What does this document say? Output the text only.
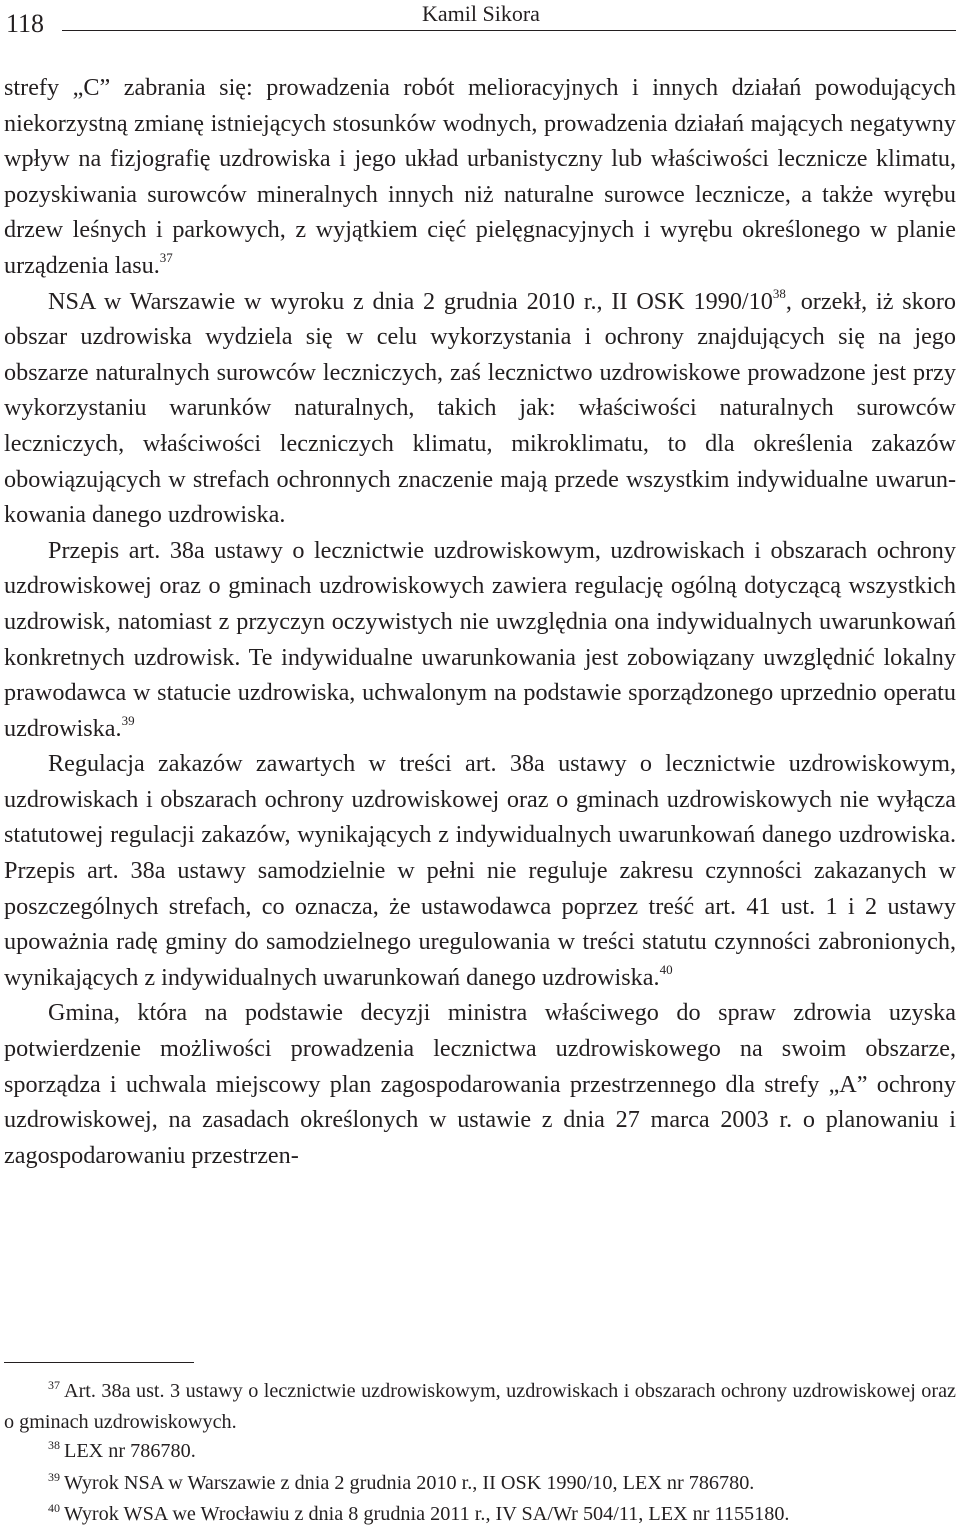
118	Kamil Sikora

strefy „C” zabrania się: prowadzenia robót melioracyjnych i innych działań powodujących niekorzystną zmianę istniejących stosunków wodnych, prowadzenia działań mających negatywny wpływ na fizjografię uzdrowiska i jego układ urbanistyczny lub właściwości lecznicze klimatu, pozyskiwania surowców mineralnych innych niż naturalne surowce lecznicze, a także wyrębu drzew leśnych i parkowych, z wyjątkiem cięć pielęgnacyjnych i wyrębu określonego w planie urządzenia lasu.$^{37}$

NSA w Warszawie w wyroku z dnia 2 grudnia 2010 r., II OSK $1990/10^{38}$, orzekł, iż skoro obszar uzdrowiska wydziela się w celu wykorzystania i ochrony znajdujących się na jego obszarze naturalnych surowców leczniczych, zaś lecznictwo uzdrowiskowe prowadzone jest przy wykorzystaniu warunków naturalnych, takich jak: właściwości naturalnych surowców leczniczych, właściwości leczniczych klimatu, mikroklimatu, to dla określenia zakazów obowiązujących w strefach ochronnych znaczenie mają przede wszystkim indywidualne uwarunkowania danego uzdrowiska.

Przepis art. 38a ustawy o lecznictwie uzdrowiskowym, uzdrowiskach i obszarach ochrony uzdrowiskowej oraz o gminach uzdrowiskowych zawiera regulację ogólną dotyczącą wszystkich uzdrowisk, natomiast z przyczyn oczywistych nie uwzględnia ona indywidualnych uwarunkowań konkretnych uzdrowisk. Te indywidualne uwarunkowania jest zobowiązany uwzględnić lokalny prawodawca w statucie uzdrowiska, uchwalonym na podstawie sporządzonego uprzednio operatu uzdrowiska.$^{39}$

Regulacja zakazów zawartych w treści art. 38a ustawy o lecznictwie uzdrowiskowym, uzdrowiskach i obszarach ochrony uzdrowiskowej oraz o gminach uzdrowiskowych nie wyłącza statutowej regulacji zakazów, wynikających z indywidualnych uwarunkowań danego uzdrowiska. Przepis art. 38a ustawy samodzielnie w pełni nie reguluje zakresu czynności zakazanych w poszczególnych strefach, co oznacza, że ustawodawca poprzez treść art. 41 ust. 1 i 2 ustawy upoważnia radę gminy do samodzielnego uregulowania w treści statutu czynności zabronionych, wynikających z indywidualnych uwarunkowań danego uzdrowiska.$^{40}$

Gmina, która na podstawie decyzji ministra właściwego do spraw zdrowia uzyska potwierdzenie możliwości prowadzenia lecznictwa uzdrowiskowego na swoim obszarze, sporządza i uchwala miejscowy plan zagospodarowania przestrzennego dla strefy „A” ochrony uzdrowiskowej, na zasadach określonych w ustawie z dnia 27 marca 2003 r. o planowaniu i zagospodarowaniu przestrzen-

$^{37}$ Art. 38a ust. 3 ustawy o lecznictwie uzdrowiskowym, uzdrowiskach i obszarach ochrony uzdrowiskowej oraz o gminach uzdrowiskowych.

$^{38}$ LEX nr 786780.

$^{39}$ Wyrok NSA w Warszawie z dnia 2 grudnia 2010 r., II OSK 1990/10, LEX nr 786780.

$^{40}$ Wyrok WSA we Wrocławiu z dnia 8 grudnia 2011 r., IV SA/Wr 504/11, LEX nr 1155180.
